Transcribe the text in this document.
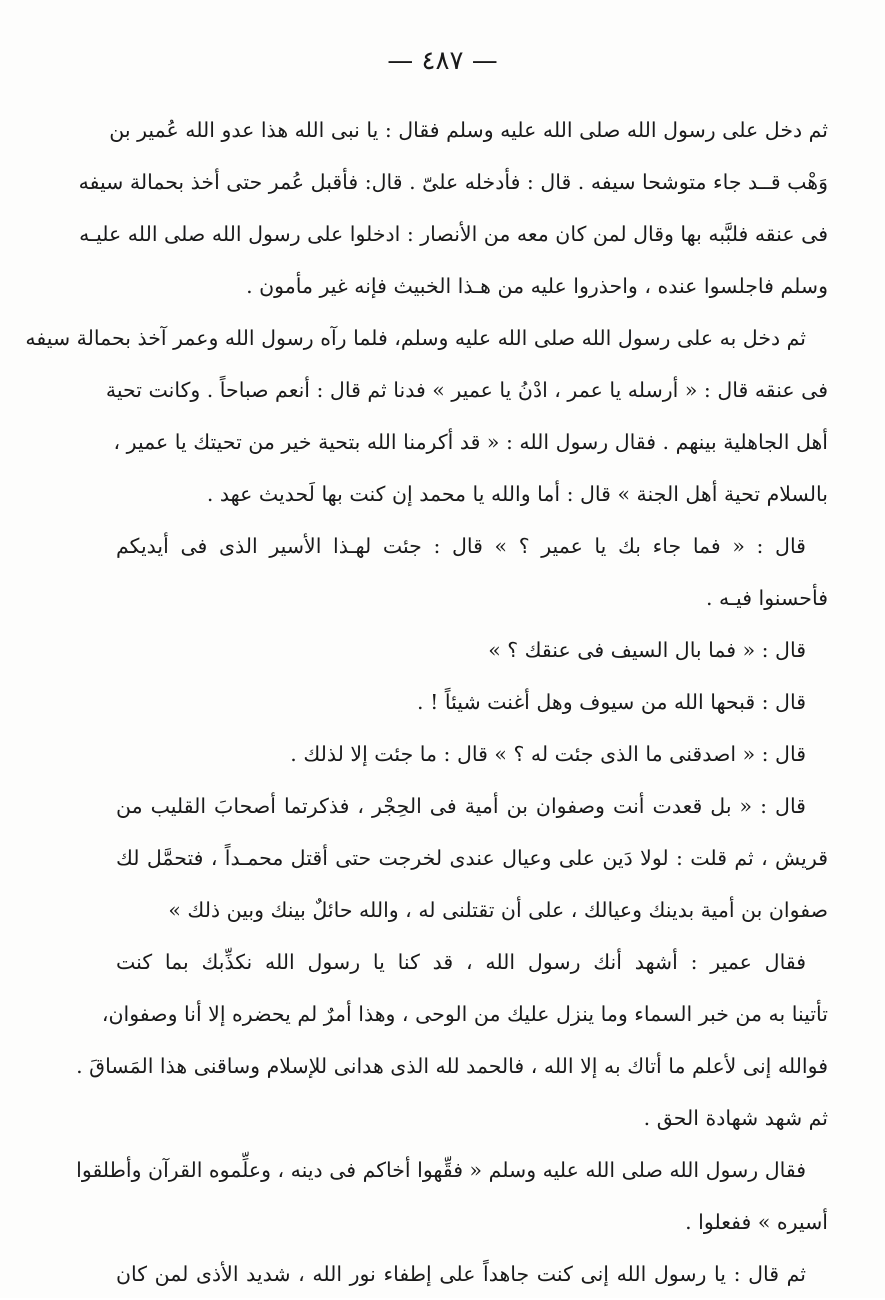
— ٤٨٧ —
ثم دخل على رسول الله صلى الله عليه وسلم فقال : يا نبى الله هذا عدو الله عُمير بن
وَهْب قــد جاء متوشحا سيفه . قال : فأدخله علىّ . قال: فأقبل عُمر حتى أخذ بحمالة سيفه
فى عنقه فلبَّبه بها وقال لمن كان معه من الأنصار : ادخلوا على رسول الله صلى الله عليـه
وسلم فاجلسوا عنده ، واحذروا عليه من هـذا الخبيث فإنه غير مأمون .
ثم دخل به على رسول الله صلى الله عليه وسلم، فلما رآه رسول الله وعمر آخذ بحمالة سيفه
فى عنقه قال : « أرسله يا عمر ، ادْنُ يا عمير » فدنا ثم قال : أنعم صباحاً . وكانت تحية
أهل الجاهلية بينهم . فقال رسول الله : « قد أكرمنا الله بتحية خير من تحيتك يا عمير ،
بالسلام تحية أهل الجنة » قال : أما والله يا محمد إن كنت بها لَحديث عهد .
قال : « فما جاء بك يا عمير ؟ » قال : جئت لهـذا الأسير الذى فى أيديكم
فأحسنوا فيـه .
قال : « فما بال السيف فى عنقك ؟ »
قال : قبحها الله من سيوف وهل أغنت شيئاً ! .
قال : « اصدقنى ما الذى جئت له ؟ » قال : ما جئت إلا لذلك .
قال : « بل قعدت أنت وصفوان بن أمية فى الحِجْر ، فذكرتما أصحابَ القليب من
قريش ، ثم قلت : لولا دَين على وعيال عندى لخرجت حتى أقتل محمـداً ، فتحمَّل لك
صفوان بن أمية بدينك وعيالك ، على أن تقتلنى له ، والله حائلٌ بينك وبين ذلك »
فقال عمير : أشهد أنك رسول الله ، قد كنا يا رسول الله نكذِّبك بما كنت
تأتينا به من خبر السماء وما ينزل عليك من الوحى ، وهذا أمرٌ لم يحضره إلا أنا وصفوان،
فوالله إنى لأعلم ما أتاك به إلا الله ، فالحمد لله الذى هدانى للإسلام وساقنى هذا المَساقَ .
ثم شهد شهادة الحق .
فقال رسول الله صلى الله عليه وسلم « فقِّهوا أخاكم فى دينه ، وعلِّموه القرآن وأطلقوا
أسيره » ففعلوا .
ثم قال : يا رسول الله إنى كنت جاهداً على إطفاء نور الله ، شديد الأذى لمن كان
